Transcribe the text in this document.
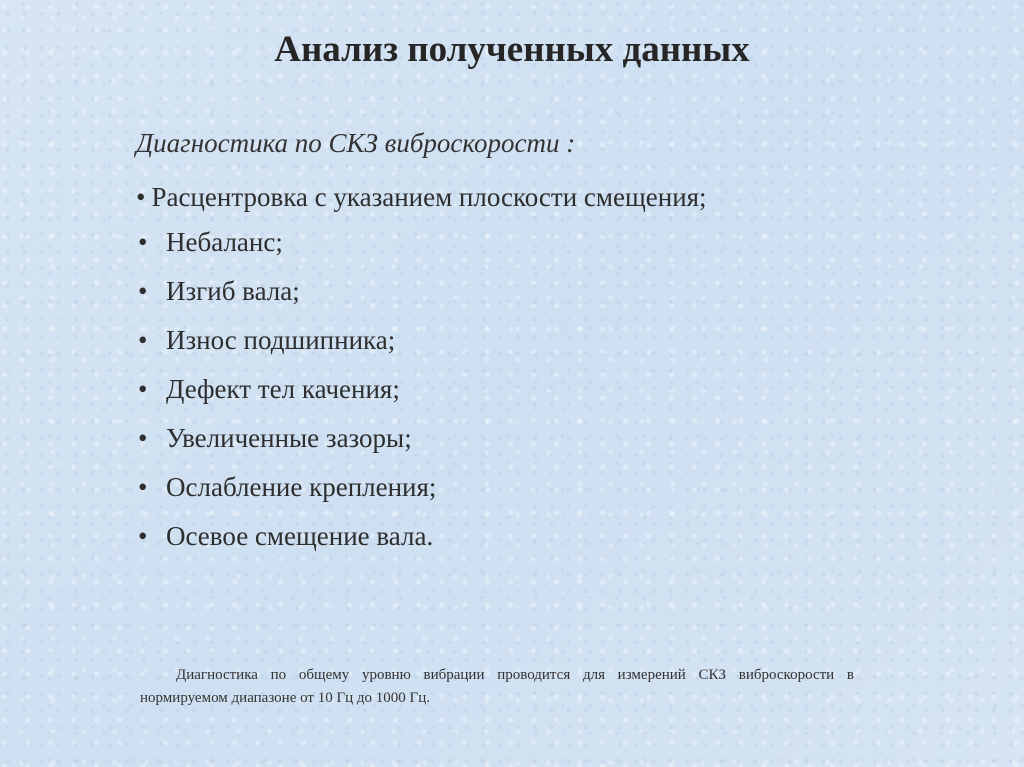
Анализ полученных данных

Диагностика по СКЗ виброскорости :

• Расцентровка с указанием плоскости смещения;
• Небаланс;
• Изгиб вала;
• Износ подшипника;
• Дефект тел качения;
• Увеличенные зазоры;
• Ослабление крепления;
• Осевое смещение вала.

Диагностика по общему уровню вибрации проводится для измерений СКЗ виброскорости в нормируемом диапазоне от 10 Гц до 1000 Гц.
